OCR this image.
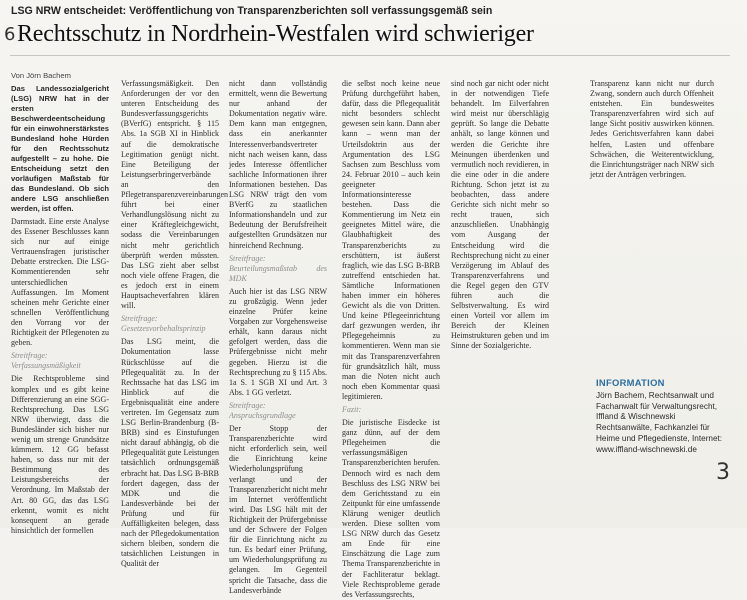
LSG NRW entscheidet: Veröffentlichung von Transparenzberichten soll verfassungsgemäß sein
6 Rechtsschutz in Nordrhein-Westfalen wird schwieriger
Von Jörn Bachem

Das Landessozialgericht (LSG) NRW hat in der ersten Beschwerdeentscheidung für ein einwohnerstärkstes Bundesland hohe Hürden für den Rechtsschutz aufgestellt – zu hohe. Die Entscheidung setzt den vorläufigen Maßstab für das Bundesland. Ob sich andere LSG anschließen werden, ist offen.

Darmstadt. Eine erste Analyse des Essener Beschlusses kann sich nur auf einige Vertrauensfragen juristischer Debatte erstrecken. Die LSG-Kommentierenden sehr unterschiedlichen Auffassungen. Im Moment scheinen mehr Gerichte einer schnellen Veröffentlichung den Vorrang vor der Richtigkeit der Pflegenoten zu geben.

Streitfrage: Verfassungsmäßigkeit

Die Rechtsprobleme sind komplex und es gibt keine Differenzierung an eine SGG-Rechtsprechung. Das LSG NRW überwiegt, dass die Bundesländer sich bisher nur wenig um strenge Grundsätze kümmern. 12 GG befasst haben, so dass nur mit der Bestimmung des Leistungsbereichs der Verordnung. Im Maßstab der Art. 80 GG, das das LSG erkennt, womit es nicht konsequent an gerade hinsichtlich der formellen

Verfassungsmäßigkeit. Den Anforderungen der vor den unteren Entscheidung des Bundesverfassungsgerichts (BVerfG) entspricht. § 115 Abs. 1a SGB XI in Hinblick auf die demokratische Legitimation genügt nicht. Eine Beteiligung der Leistungserbringerverbände an den Pflegetransparenzvereinbarungen führt bei einer Verhandlungslösung nicht zu einer Kräftegleichgewicht, sodass die Vereinbarungen nicht mehr gerichtlich überprüft werden müssten. Das LSG zieht aber selbst noch viele offene Fragen, die es jedoch erst in einem Hauptsacheverfahren klären will.

Streitfrage: Gesetzesvorbehaltsprinzip

Das LSG meint, die Dokumentation lasse Rückschlüsse auf die Pflegequalität zu. In der Rechtssache hat das LSG im Hinblick auf die Ergebnisqualität eine andere vertreten. Im Gegensatz zum LSG Berlin-Brandenburg (B-BRB) sind es Einstufungen nicht darauf abhängig, ob die Pflegequalität gute Leistungen tatsächlich ordnungsgemäß erbracht hat. Das LSG B-BRB fordert dagegen, dass der MDK und die Landesverbände bei der Prüfung und für Auffälligkeiten belegen, dass nach der Pflegedokumentation sichern bleiben, sondern die tatsächlichen Leistungen in Qualität der

nicht dann vollständig ermittelt, wenn die Bewertung nur anhand der Dokumentation negativ wäre. Dem kann man entgegnen, dass ein anerkannter Interessenverbandsvertreter nicht nach weisen kann, dass jedes Interesse öffentlicher sachliche Informationen ihrer Informationen bestehen. Das LSG NRW trägt den vom BVerfG zu staatlichen Informationshandeln und zur Bedeutung der Berufsfreiheit aufgestellten Grundsätzen nur hinreichend Rechnung.

Streitfrage: Beurteilungsmaßstab des MDK

Auch hier ist das LSG NRW zu großzügig. Wenn jeder einzelne Prüfer keine Vorgaben zur Vorgehensweise erhält, kann daraus nicht gefolgert werden, dass die Prüfergebnisse nicht mehr gegeben. Hierzu ist die Rechtsprechung zu § 115 Abs. 1a S. 1 SGB XI und Art. 3 Abs. 1 GG verletzt.

Streitfrage: Anspruchsgrundlage

Der Stopp der Transparenzberichte wird nicht erforderlich sein, weil die Einrichtung keine Wiederholungsprüfung verlangt und der Transparenzbericht nicht mehr im Internet veröffentlicht wird. Das LSG hält mit der Richtigkeit der Prüfergebnisse und der Schwere der Folgen für die Einrichtung nicht zu tun. Es bedarf einer Prüfung, um Wiederholungsprüfung zu gelangen. Im Gegenteil spricht die Tatsache, dass die Landesverbände

die selbst noch keine neue Prüfung durchgeführt haben, dafür, dass die Pflegequalität nicht besonders schlecht gewesen sein kann. Dann aber kann – wenn man der Urteilsdoktrin aus der Argumentation des LSG Sachsen zum Beschluss vom 24. Februar 2010 – auch kein geeigneter Informationsinteresse bestehen. Dass die Kommentierung im Netz ein geeignetes Mittel wäre, die Glaubhaftigkeit des Transparenzberichts zu erschüttern, ist äußerst fraglich, wie das LSG B-BRB zutreffend entschieden hat. Sämtliche Informationen haben immer ein höheres Gewicht als die von Dritten. Und keine Pflegeeinrichtung darf gezwungen werden, ihr Pflegegeheimnis zu kommentieren. Wenn man sie mit das Transparenzverfahren für grundsätzlich hält, muss man die Noten nicht auch noch eben Kommentar quasi legitimieren.

Fazit:

Die juristische Eisdecke ist ganz dünn, auf der dem Pflegeheimen die verfassungsmäßigen Transparenzberichten berufen. Dennoch wird es nach dem Beschluss des LSG NRW bei dem Gerichtsstand zu ein Zeitpunkt für eine umfassende Klärung weniger deutlich werden. Diese sollten vom LSG NRW durch das Gesetz am Ende für eine Einschätzung die Lage zum Thema Transparenzberichte in der Fachliteratur beklagt. Viele Rechtsprobleme gerade des Verfassungsrechts,

sind noch gar nicht oder nicht in der notwendigen Tiefe behandelt. Im Eilverfahren wird meist nur überschlägig geprüft. So lange die Debatte anhält, so lange können und werden die Gerichte ihre Meinungen überdenken und vermutlich noch revidieren, in die eine oder in die andere Richtung. Schon jetzt ist zu beobachten, dass andere Gerichte sich nicht mehr so recht trauen, sich anzuschließen. Unabhängig vom Ausgang der Entscheidung wird die Rechtsprechung nicht zu einer Verzögerung im Ablauf des Transparenzverfahrens und die Regel gegen den GTV führen auch die Selbstverwaltung. Es wird einen Vorteil vor allem im Bereich der Kleinen Heimstrukturen geben und im Sinne der Sozialgerichte.

Transparenz kann nicht nur durch Zwang, sondern auch durch Offenheit entstehen. Ein bundesweites Transparenzverfahren wird sich auf lange Sicht positiv auswirken können. Jedes Gerichtsverfahren kann dabei helfen, Lasten und offenbare Schwächen, die Weiterentwicklung, die Einrichtungsträger nach NRW sich jetzt der Anträgen verbringen.

INFORMATION
Jörn Bachem, Rechtsanwalt und Fachanwalt für Verwaltungsrecht, Iffland & Wischnewski Rechtsanwälte, Fachkanzlei für Heime und Pflegedienste, Internet: www.iffland-wischnewski.de
3
